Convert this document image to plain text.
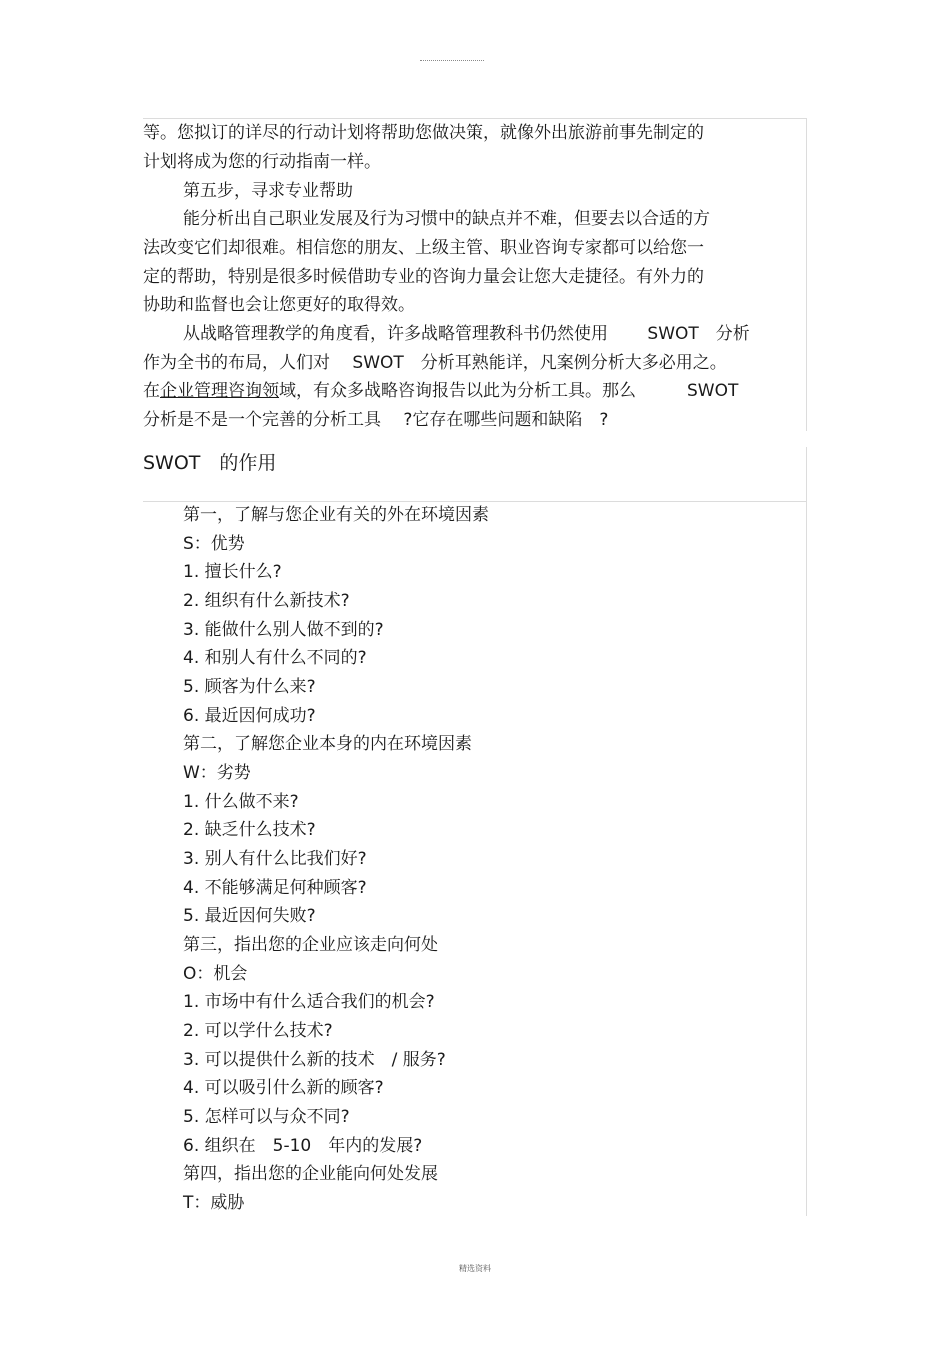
等。您拟订的详尽的行动计划将帮助您做决策，就像外出旅游前事先制定的
计划将成为您的行动指南一样。
第五步，寻求专业帮助
能分析出自己职业发展及行为习惯中的缺点并不难，但要去以合适的方
法改变它们却很难。相信您的朋友、上级主管、职业咨询专家都可以给您一
定的帮助，特别是很多时候借助专业的咨询力量会让您大走捷径。有外力的
协助和监督也会让您更好的取得效。
从战略管理教学的角度看，许多战略管理教科书仍然使用　　 SWOT　分析
作为全书的布局，人们对　 SWOT　分析耳熟能详，凡案例分析大多必用之。
在企业管理咨询领域，有众多战略咨询报告以此为分析工具。那么　　　SWOT
分析是不是一个完善的分析工具　 ?它存在哪些问题和缺陷　?
SWOT　的作用
第一，了解与您企业有关的外在环境因素
S：优势
1. 擅长什么?
2. 组织有什么新技术?
3. 能做什么别人做不到的?
4. 和别人有什么不同的?
5. 顾客为什么来?
6. 最近因何成功?
第二，了解您企业本身的内在环境因素
W：劣势
1. 什么做不来?
2. 缺乏什么技术?
3. 别人有什么比我们好?
4. 不能够满足何种顾客?
5. 最近因何失败?
第三，指出您的企业应该走向何处
O：机会
1. 市场中有什么适合我们的机会?
2. 可以学什么技术?
3. 可以提供什么新的技术　/ 服务?
4. 可以吸引什么新的顾客?
5. 怎样可以与众不同?
6. 组织在　5-10　年内的发展?
第四，指出您的企业能向何处发展
T：威胁
精选资料
